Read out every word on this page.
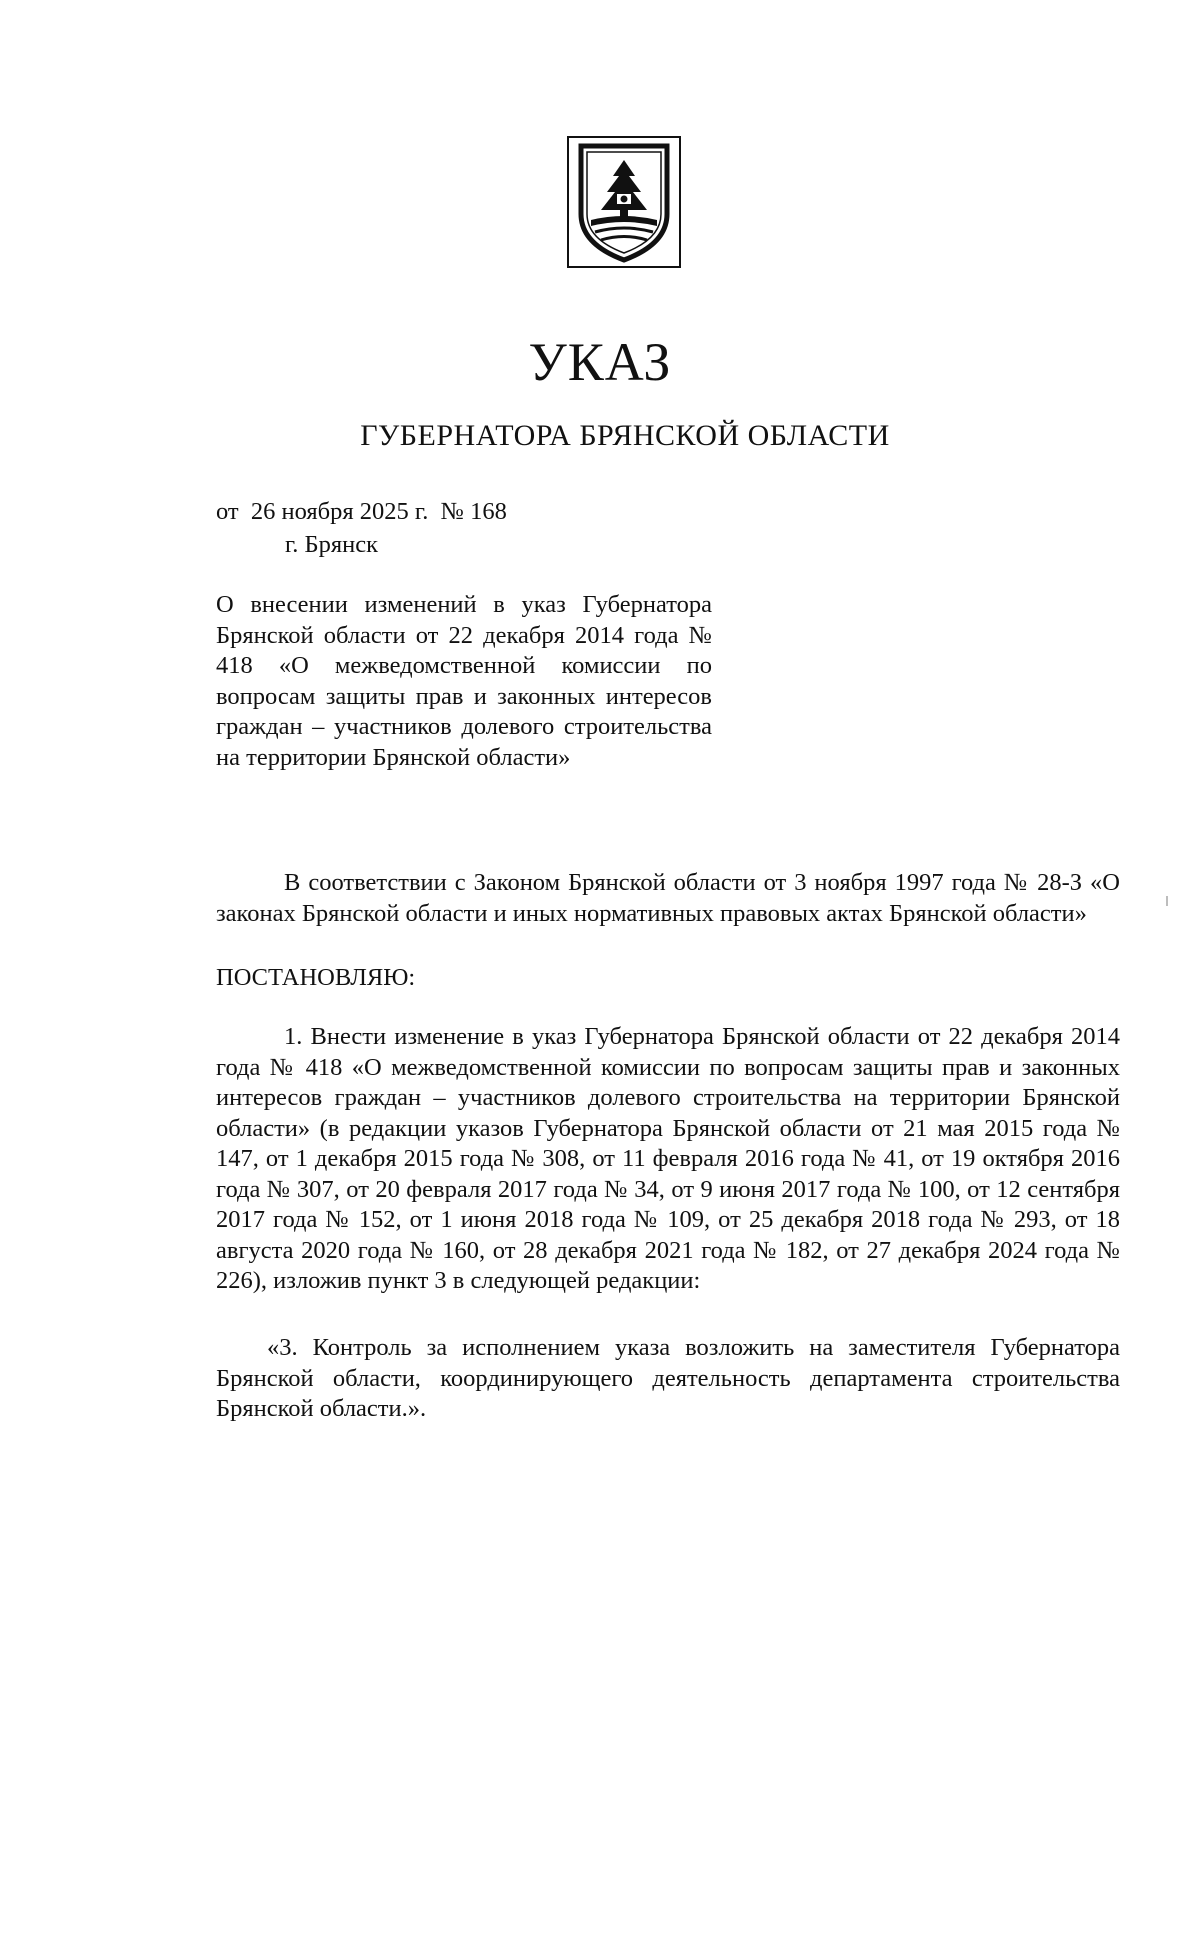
УКАЗ
ГУБЕРНАТОРА БРЯНСКОЙ ОБЛАСТИ
от  26 ноября 2025 г.  № 168
г. Брянск
О внесении изменений в указ Губернатора Брянской области от 22 декабря 2014 года № 418 «О межведомственной комиссии по вопросам защиты прав и законных интересов граждан – участников долевого строительства на территории Брянской области»
В соответствии с Законом Брянской области от 3 ноября 1997 года № 28-З «О законах Брянской области и иных нормативных правовых актах Брянской области»
ПОСТАНОВЛЯЮ:
1. Внести изменение в указ Губернатора Брянской области от 22 декабря 2014 года № 418 «О межведомственной комиссии по вопросам защиты прав и законных интересов граждан – участников долевого строительства на территории Брянской области» (в редакции указов Губернатора Брянской области от 21 мая 2015 года № 147, от 1 декабря 2015 года № 308, от 11 февраля 2016 года № 41, от 19 октября 2016 года № 307, от 20 февраля 2017 года № 34, от 9 июня 2017 года № 100, от 12 сентября 2017 года № 152, от 1 июня 2018 года № 109, от 25 декабря 2018 года № 293, от 18 августа 2020 года № 160, от 28 декабря 2021 года № 182, от 27 декабря 2024 года № 226), изложив пункт 3 в следующей редакции:
«3. Контроль за исполнением указа возложить на заместителя Губернатора Брянской области, координирующего деятельность департамента строительства Брянской области.».
